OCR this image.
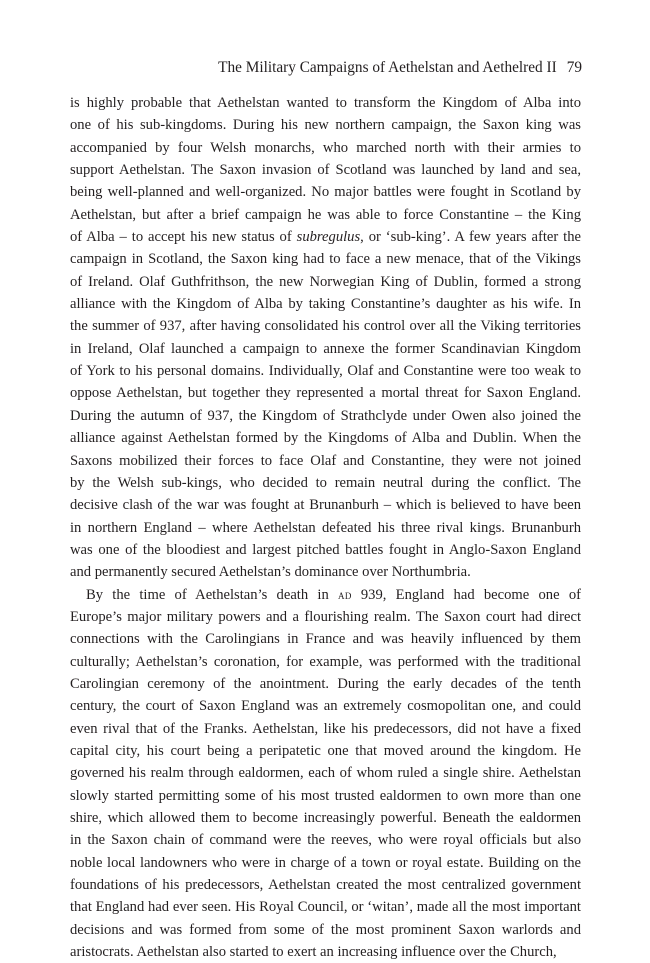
The Military Campaigns of Aethelstan and Aethelred II 79
is highly probable that Aethelstan wanted to transform the Kingdom of Alba into
one of his sub-kingdoms. During his new northern campaign, the Saxon king was
accompanied by four Welsh monarchs, who marched north with their armies to
support Aethelstan. The Saxon invasion of Scotland was launched by land and sea,
being well-planned and well-organized. No major battles were fought in Scotland by
Aethelstan, but after a brief campaign he was able to force Constantine – the King
of Alba – to accept his new status of subregulus, or ‘sub-king’. A few years after the
campaign in Scotland, the Saxon king had to face a new menace, that of the Vikings
of Ireland. Olaf Guthfrithson, the new Norwegian King of Dublin, formed a strong
alliance with the Kingdom of Alba by taking Constantine’s daughter as his wife. In
the summer of 937, after having consolidated his control over all the Viking territories
in Ireland, Olaf launched a campaign to annexe the former Scandinavian Kingdom
of York to his personal domains. Individually, Olaf and Constantine were too weak to
oppose Aethelstan, but together they represented a mortal threat for Saxon England.
During the autumn of 937, the Kingdom of Strathclyde under Owen also joined the
alliance against Aethelstan formed by the Kingdoms of Alba and Dublin. When the
Saxons mobilized their forces to face Olaf and Constantine, they were not joined
by the Welsh sub-kings, who decided to remain neutral during the conflict. The
decisive clash of the war was fought at Brunanburh – which is believed to have been
in northern England – where Aethelstan defeated his three rival kings. Brunanburh
was one of the bloodiest and largest pitched battles fought in Anglo-Saxon England
and permanently secured Aethelstan’s dominance over Northumbria.
By the time of Aethelstan’s death in ad 939, England had become one of
Europe’s major military powers and a flourishing realm. The Saxon court had direct
connections with the Carolingians in France and was heavily influenced by them
culturally; Aethelstan’s coronation, for example, was performed with the traditional
Carolingian ceremony of the anointment. During the early decades of the tenth
century, the court of Saxon England was an extremely cosmopolitan one, and could
even rival that of the Franks. Aethelstan, like his predecessors, did not have a fixed
capital city, his court being a peripatetic one that moved around the kingdom. He
governed his realm through ealdormen, each of whom ruled a single shire. Aethelstan
slowly started permitting some of his most trusted ealdormen to own more than one
shire, which allowed them to become increasingly powerful. Beneath the ealdormen
in the Saxon chain of command were the reeves, who were royal officials but also
noble local landowners who were in charge of a town or royal estate. Building on the
foundations of his predecessors, Aethelstan created the most centralized government
that England had ever seen. His Royal Council, or ‘witan’, made all the most important
decisions and was formed from some of the most prominent Saxon warlords and
aristocrats. Aethelstan also started to exert an increasing influence over the Church,
